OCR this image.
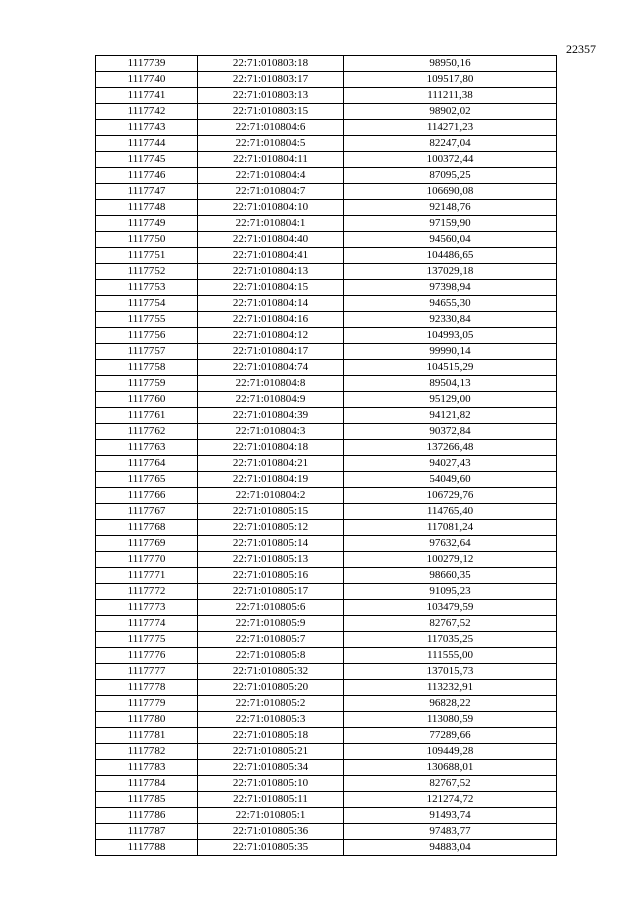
22357
1117739	22:71:010803:18	98950,16
1117740	22:71:010803:17	109517,80
1117741	22:71:010803:13	111211,38
1117742	22:71:010803:15	98902,02
1117743	22:71:010804:6	114271,23
1117744	22:71:010804:5	82247,04
1117745	22:71:010804:11	100372,44
1117746	22:71:010804:4	87095,25
1117747	22:71:010804:7	106690,08
1117748	22:71:010804:10	92148,76
1117749	22:71:010804:1	97159,90
1117750	22:71:010804:40	94560,04
1117751	22:71:010804:41	104486,65
1117752	22:71:010804:13	137029,18
1117753	22:71:010804:15	97398,94
1117754	22:71:010804:14	94655,30
1117755	22:71:010804:16	92330,84
1117756	22:71:010804:12	104993,05
1117757	22:71:010804:17	99990,14
1117758	22:71:010804:74	104515,29
1117759	22:71:010804:8	89504,13
1117760	22:71:010804:9	95129,00
1117761	22:71:010804:39	94121,82
1117762	22:71:010804:3	90372,84
1117763	22:71:010804:18	137266,48
1117764	22:71:010804:21	94027,43
1117765	22:71:010804:19	54049,60
1117766	22:71:010804:2	106729,76
1117767	22:71:010805:15	114765,40
1117768	22:71:010805:12	117081,24
1117769	22:71:010805:14	97632,64
1117770	22:71:010805:13	100279,12
1117771	22:71:010805:16	98660,35
1117772	22:71:010805:17	91095,23
1117773	22:71:010805:6	103479,59
1117774	22:71:010805:9	82767,52
1117775	22:71:010805:7	117035,25
1117776	22:71:010805:8	111555,00
1117777	22:71:010805:32	137015,73
1117778	22:71:010805:20	113232,91
1117779	22:71:010805:2	96828,22
1117780	22:71:010805:3	113080,59
1117781	22:71:010805:18	77289,66
1117782	22:71:010805:21	109449,28
1117783	22:71:010805:34	130688,01
1117784	22:71:010805:10	82767,52
1117785	22:71:010805:11	121274,72
1117786	22:71:010805:1	91493,74
1117787	22:71:010805:36	97483,77
1117788	22:71:010805:35	94883,04
